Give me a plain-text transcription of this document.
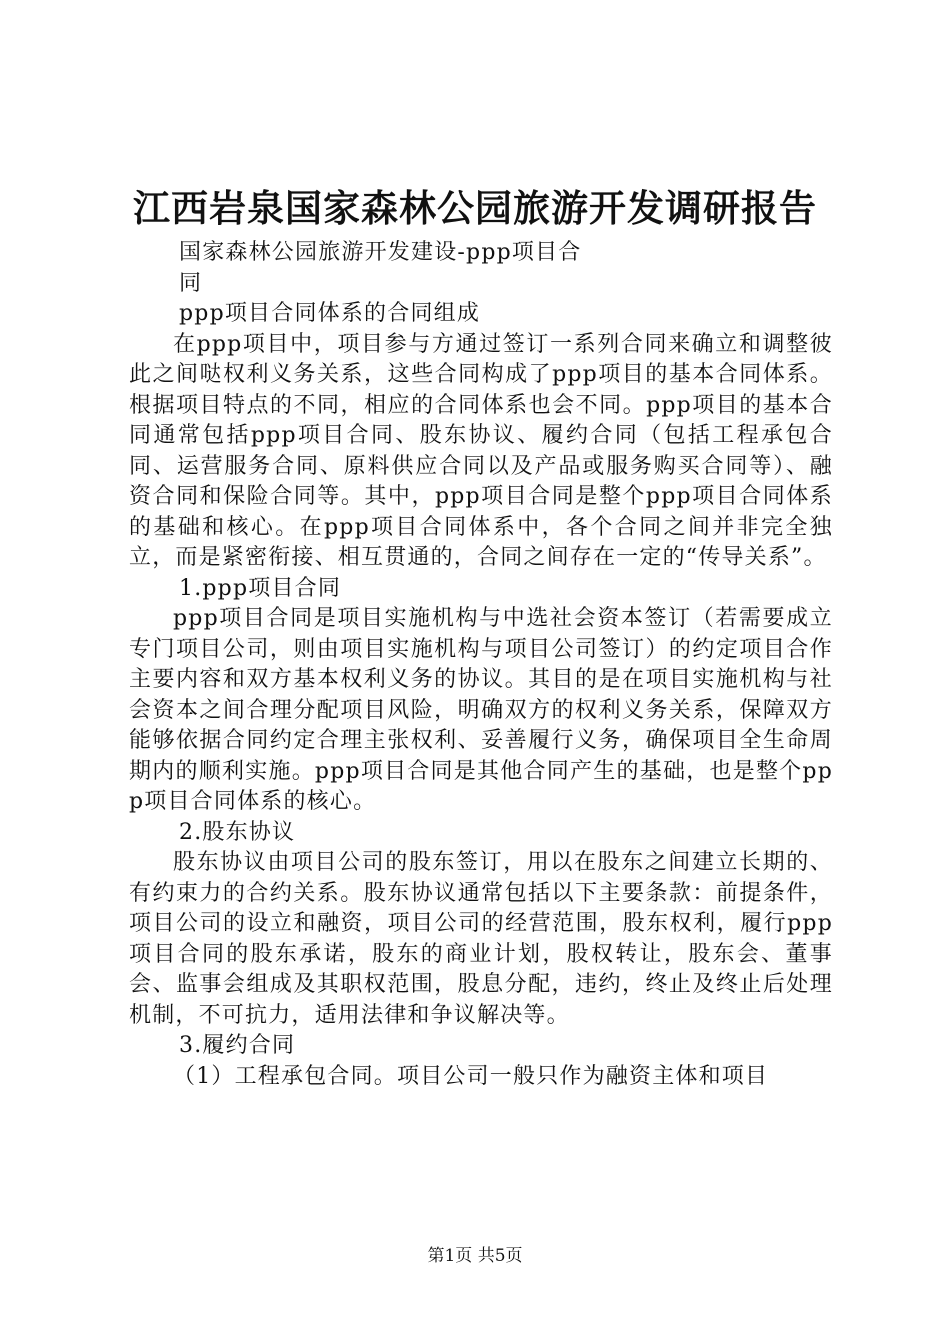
江西岩泉国家森林公园旅游开发调研报告

国家森林公园旅游开发建设-ppp项目合同

ppp项目合同体系的合同组成

在ppp项目中，项目参与方通过签订一系列合同来确立和调整彼此之间哒权利义务关系，这些合同构成了ppp项目的基本合同体系。根据项目特点的不同，相应的合同体系也会不同。ppp项目的基本合同通常包括ppp项目合同、股东协议、履约合同（包括工程承包合同、运营服务合同、原料供应合同以及产品或服务购买合同等）、融资合同和保险合同等。其中，ppp项目合同是整个ppp项目合同体系的基础和核心。在ppp项目合同体系中，各个合同之间并非完全独立，而是紧密衔接、相互贯通的，合同之间存在一定的“传导关系”。

1.ppp项目合同

ppp项目合同是项目实施机构与中选社会资本签订（若需要成立专门项目公司，则由项目实施机构与项目公司签订）的约定项目合作主要内容和双方基本权利义务的协议。其目的是在项目实施机构与社会资本之间合理分配项目风险，明确双方的权利义务关系，保障双方能够依据合同约定合理主张权利、妥善履行义务，确保项目全生命周期内的顺利实施。ppp项目合同是其他合同产生的基础，也是整个ppp项目合同体系的核心。

2.股东协议

股东协议由项目公司的股东签订，用以在股东之间建立长期的、有约束力的合约关系。股东协议通常包括以下主要条款：前提条件，项目公司的设立和融资，项目公司的经营范围，股东权利，履行ppp项目合同的股东承诺，股东的商业计划，股权转让，股东会、董事会、监事会组成及其职权范围，股息分配，违约，终止及终止后处理机制，不可抗力，适用法律和争议解决等。

3.履约合同

（1）工程承包合同。项目公司一般只作为融资主体和项目

第1页 共5页
